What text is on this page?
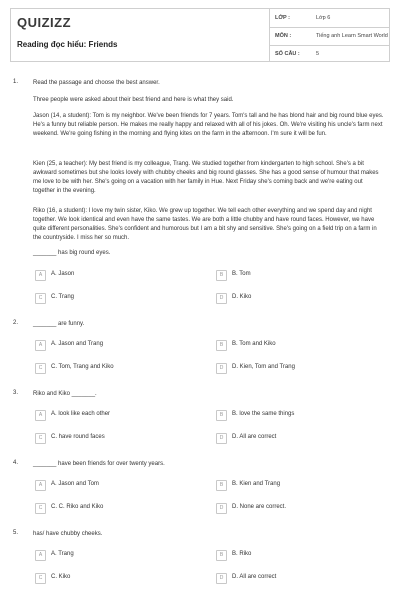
QUIZIZZ
Reading đọc hiểu: Friends
LỚP :	Lớp 6
MÔN :	Tiếng anh Learn Smart World
SỐ CÂU :	5
1. Read the passage and choose the best answer.
Three people were asked about their best friend and here is what they said.
Jason (14, a student): Tom is my neighbor. We've been friends for 7 years. Tom's tall and he has blond hair and big round blue eyes. He's a funny but reliable person. He makes me really happy and relaxed with all of his jokes. Oh. We're visiting his uncle's farm next weekend. We're going fishing in the morning and flying kites on the farm in the afternoon. I'm sure it will be fun.
Kien (25, a teacher): My best friend is my colleague, Trang. We studied together from kindergarten to high school. She's a bit awkward sometimes but she looks lovely with chubby cheeks and big round glasses. She has a good sense of humour that makes me love to be with her. She's going on a vacation with her family in Hue. Next Friday she's coming back and we're eating out together in the evening.
Riko (16, a student): I love my twin sister, Kiko. We grew up together. We tell each other everything and we spend day and night together. We look identical and even have the same tastes. We are both a little chubby and have round faces. However, we have quite different personalities. She's confident and humorous but I am a bit shy and sensitive. She's going on a field trip on a farm in the countryside. I miss her so much.
_______ has big round eyes.
A	A. Jason	B	B. Tom
C	C. Trang	D	D. Kiko
2. _______ are funny.
A	A. Jason and Trang	B	B. Tom and Kiko
C	C. Tom, Trang and Kiko	D	D. Kien, Tom and Trang
3. Riko and Kiko _______.
A	A. look like each other	B	B. love the same things
C	C. have round faces	D	D. All are correct
4. _______ have been friends for over twenty years.
A	A. Jason and Tom	B	B. Kien and Trang
C	C. C. Riko and Kiko	D	D. None are correct.
5. has/ have chubby cheeks.
A	A. Trang	B	B. Riko
C	C. Kiko	D	D. All are correct
